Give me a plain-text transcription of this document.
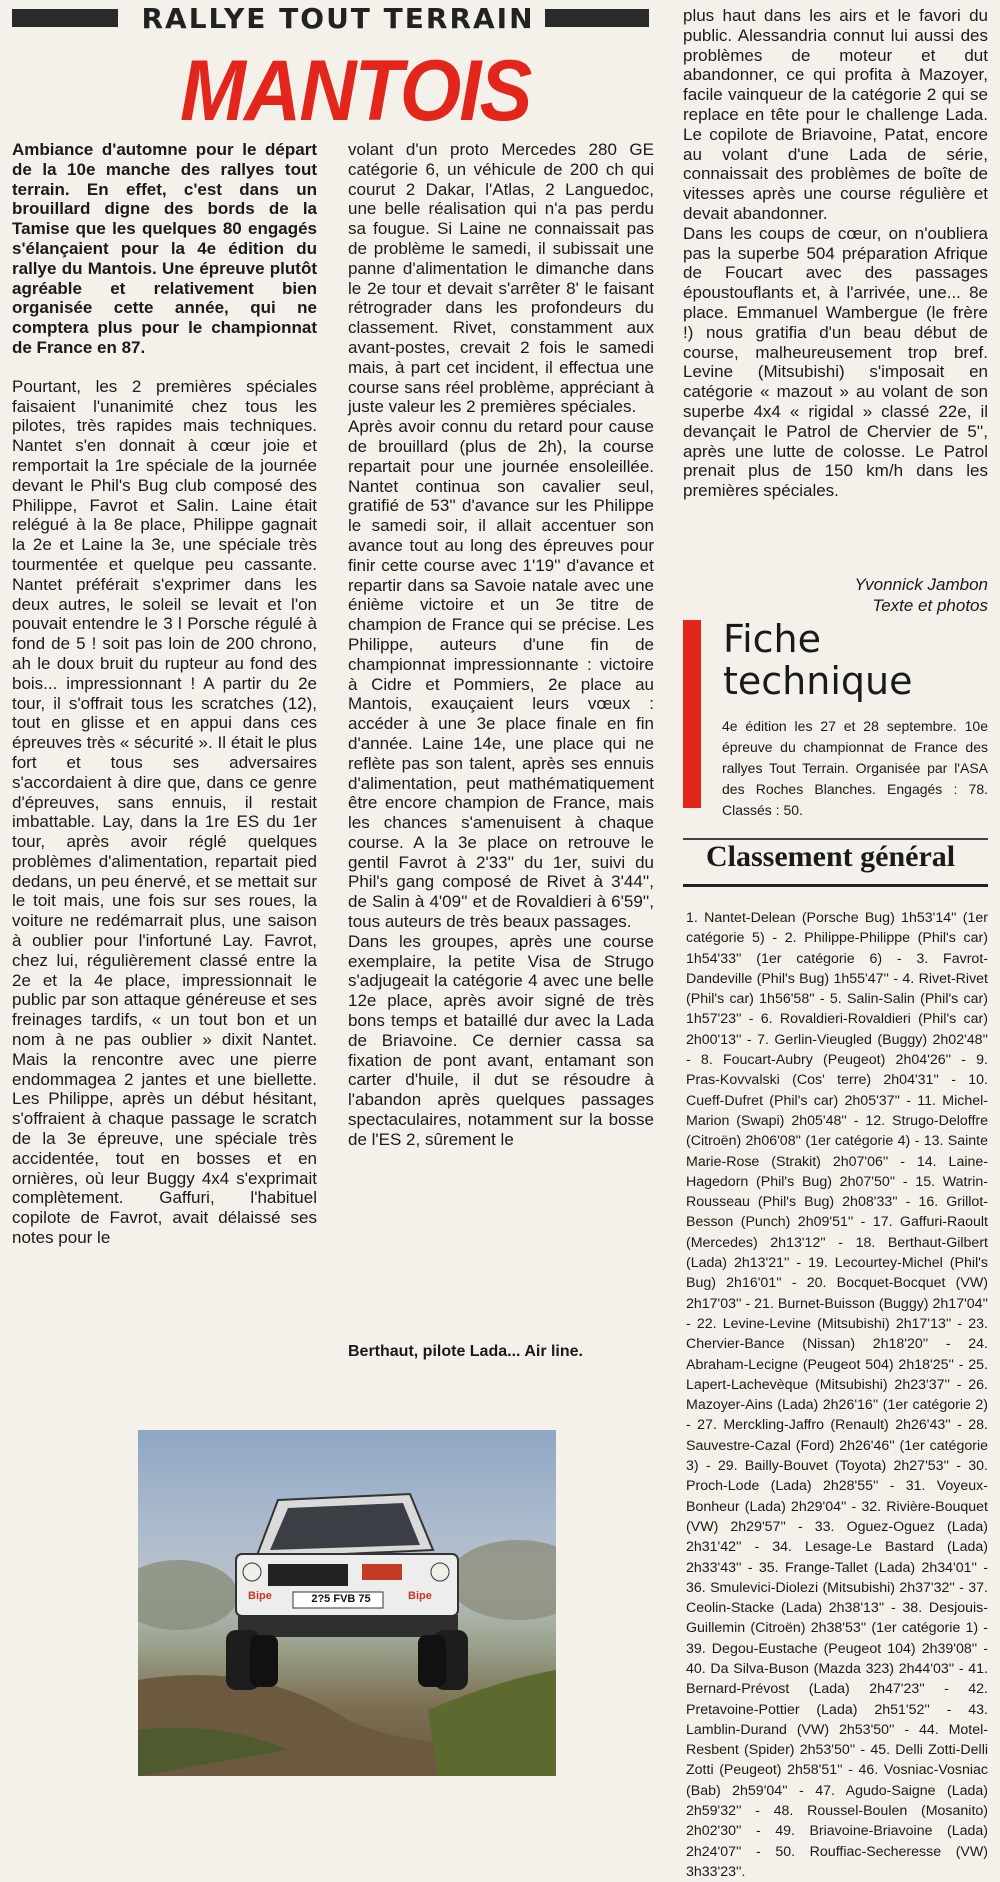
RALLYE TOUT TERRAIN
MANTOIS

Ambiance d'automne pour le départ de la 10e manche des rallyes tout terrain. En effet, c'est dans un brouillard digne des bords de la Tamise que les quelques 80 engagés s'élançaient pour la 4e édition du rallye du Mantois. Une épreuve plutôt agréable et relativement bien organisée cette année, qui ne comptera plus pour le championnat de France en 87.

Pourtant, les 2 premières spéciales faisaient l'unanimité chez tous les pilotes, très rapides mais techniques. Nantet s'en donnait à cœur joie et remportait la 1re spéciale de la journée devant le Phil's Bug club composé des Philippe, Favrot et Salin. Laine était relégué à la 8e place, Philippe gagnait la 2e et Laine la 3e, une spéciale très tourmentée et quelque peu cassante. Nantet préférait s'exprimer dans les deux autres, le soleil se levait et l'on pouvait entendre le 3 l Porsche régulé à fond de 5 ! soit pas loin de 200 chrono, ah le doux bruit du rupteur au fond des bois... impressionnant ! A partir du 2e tour, il s'offrait tous les scratches (12), tout en glisse et en appui dans ces épreuves très « sécurité ». Il était le plus fort et tous ses adversaires s'accordaient à dire que, dans ce genre d'épreuves, sans ennuis, il restait imbattable. Lay, dans la 1re ES du 1er tour, après avoir réglé quelques problèmes d'alimentation, repartait pied dedans, un peu énervé, et se mettait sur le toit mais, une fois sur ses roues, la voiture ne redémarrait plus, une saison à oublier pour l'infortuné Lay. Favrot, chez lui, régulièrement classé entre la 2e et la 4e place, impressionnait le public par son attaque généreuse et ses freinages tardifs, « un tout bon et un nom à ne pas oublier » dixit Nantet. Mais la rencontre avec une pierre endommagea 2 jantes et une biellette. Les Philippe, après un début hésitant, s'offraient à chaque passage le scratch de la 3e épreuve, une spéciale très accidentée, tout en bosses et en ornières, où leur Buggy 4x4 s'exprimait complètement. Gaffuri, l'habituel copilote de Favrot, avait délaissé ses notes pour le

volant d'un proto Mercedes 280 GE catégorie 6, un véhicule de 200 ch qui courut 2 Dakar, l'Atlas, 2 Languedoc, une belle réalisation qui n'a pas perdu sa fougue. Si Laine ne connaissait pas de problème le samedi, il subissait une panne d'alimentation le dimanche dans le 2e tour et devait s'arrêter 8' le faisant rétrograder dans les profondeurs du classement. Rivet, constamment aux avant-postes, crevait 2 fois le samedi mais, à part cet incident, il effectua une course sans réel problème, appréciant à juste valeur les 2 premières spéciales.

Après avoir connu du retard pour cause de brouillard (plus de 2h), la course repartait pour une journée ensoleillée. Nantet continua son cavalier seul, gratifié de 53'' d'avance sur les Philippe le samedi soir, il allait accentuer son avance tout au long des épreuves pour finir cette course avec 1'19'' d'avance et repartir dans sa Savoie natale avec une énième victoire et un 3e titre de champion de France qui se précise. Les Philippe, auteurs d'une fin de championnat impressionnante : victoire à Cidre et Pommiers, 2e place au Mantois, exauçaient leurs vœux : accéder à une 3e place finale en fin d'année. Laine 14e, une place qui ne reflète pas son talent, après ses ennuis d'alimentation, peut mathématiquement être encore champion de France, mais les chances s'amenuisent à chaque course. A la 3e place on retrouve le gentil Favrot à 2'33'' du 1er, suivi du Phil's gang composé de Rivet à 3'44'', de Salin à 4'09'' et de Rovaldieri à 6'59'', tous auteurs de très beaux passages.

Dans les groupes, après une course exemplaire, la petite Visa de Strugo s'adjugeait la catégorie 4 avec une belle 12e place, après avoir signé de très bons temps et bataillé dur avec la Lada de Briavoine. Ce dernier cassa sa fixation de pont avant, entamant son carter d'huile, il dut se résoudre à l'abandon après quelques passages spectaculaires, notamment sur la bosse de l'ES 2, sûrement le

Berthaut, pilote Lada... Air line.

plus haut dans les airs et le favori du public. Alessandria connut lui aussi des problèmes de moteur et dut abandonner, ce qui profita à Mazoyer, facile vainqueur de la catégorie 2 qui se replace en tête pour le challenge Lada. Le copilote de Briavoine, Patat, encore au volant d'une Lada de série, connaissait des problèmes de boîte de vitesses après une course régulière et devait abandonner.

Dans les coups de cœur, on n'oubliera pas la superbe 504 préparation Afrique de Foucart avec des passages époustouflants et, à l'arrivée, une... 8e place. Emmanuel Wambergue (le frère !) nous gratifia d'un beau début de course, malheureusement trop bref. Levine (Mitsubishi) s'imposait en catégorie « mazout » au volant de son superbe 4x4 « rigidal » classé 22e, il devançait le Patrol de Chervier de 5'', après une lutte de colosse. Le Patrol prenait plus de 150 km/h dans les premières spéciales.

Yvonnick Jambon
Texte et photos
Fiche
technique
4e édition les 27 et 28 septembre. 10e épreuve du championnat de France des rallyes Tout Terrain. Organisée par l'ASA des Roches Blanches. Engagés : 78. Classés : 50.
Classement général
1. Nantet-Delean (Porsche Bug) 1h53'14'' (1er catégorie 5) - 2. Philippe-Philippe (Phil's car) 1h54'33'' (1er catégorie 6) - 3. Favrot-Dandeville (Phil's Bug) 1h55'47'' - 4. Rivet-Rivet (Phil's car) 1h56'58'' - 5. Salin-Salin (Phil's car) 1h57'23'' - 6. Rovaldieri-Rovaldieri (Phil's car) 2h00'13'' - 7. Gerlin-Vieugled (Buggy) 2h02'48'' - 8. Foucart-Aubry (Peugeot) 2h04'26'' - 9. Pras-Kovvalski (Cos' terre) 2h04'31'' - 10. Cueff-Dufret (Phil's car) 2h05'37'' - 11. Michel-Marion (Swapi) 2h05'48'' - 12. Strugo-Deloffre (Citroën) 2h06'08'' (1er catégorie 4) - 13. Sainte Marie-Rose (Strakit) 2h07'06'' - 14. Laine-Hagedorn (Phil's Bug) 2h07'50'' - 15. Watrin-Rousseau (Phil's Bug) 2h08'33'' - 16. Grillot-Besson (Punch) 2h09'51'' - 17. Gaffuri-Raoult (Mercedes) 2h13'12'' - 18. Berthaut-Gilbert (Lada) 2h13'21'' - 19. Lecourtey-Michel (Phil's Bug) 2h16'01'' - 20. Bocquet-Bocquet (VW) 2h17'03'' - 21. Burnet-Buisson (Buggy) 2h17'04'' - 22. Levine-Levine (Mitsubishi) 2h17'13'' - 23. Chervier-Bance (Nissan) 2h18'20'' - 24. Abraham-Lecigne (Peugeot 504) 2h18'25'' - 25. Lapert-Lachevèque (Mitsubishi) 2h23'37'' - 26. Mazoyer-Ains (Lada) 2h26'16'' (1er catégorie 2) - 27. Merckling-Jaffro (Renault) 2h26'43'' - 28. Sauvestre-Cazal (Ford) 2h26'46'' (1er catégorie 3) - 29. Bailly-Bouvet (Toyota) 2h27'53'' - 30. Proch-Lode (Lada) 2h28'55'' - 31. Voyeux-Bonheur (Lada) 2h29'04'' - 32. Rivière-Bouquet (VW) 2h29'57'' - 33. Oguez-Oguez (Lada) 2h31'42'' - 34. Lesage-Le Bastard (Lada) 2h33'43'' - 35. Frange-Tallet (Lada) 2h34'01'' - 36. Smulevici-Diolezi (Mitsubishi) 2h37'32'' - 37. Ceolin-Stacke (Lada) 2h38'13'' - 38. Desjouis-Guillemin (Citroën) 2h38'53'' (1er catégorie 1) - 39. Degou-Eustache (Peugeot 104) 2h39'08'' - 40. Da Silva-Buson (Mazda 323) 2h44'03'' - 41. Bernard-Prévost (Lada) 2h47'23'' - 42. Pretavoine-Pottier (Lada) 2h51'52'' - 43. Lamblin-Durand (VW) 2h53'50'' - 44. Motel-Resbent (Spider) 2h53'50'' - 45. Delli Zotti-Delli Zotti (Peugeot) 2h58'51'' - 46. Vosniac-Vosniac (Bab) 2h59'04'' - 47. Agudo-Saigne (Lada) 2h59'32'' - 48. Roussel-Boulen (Mosanito) 2h02'30'' - 49. Briavoine-Briavoine (Lada) 2h24'07'' - 50. Rouffiac-Secheresse (VW) 3h33'23''.
2?5 FVB 75
Bipe	Bipe
